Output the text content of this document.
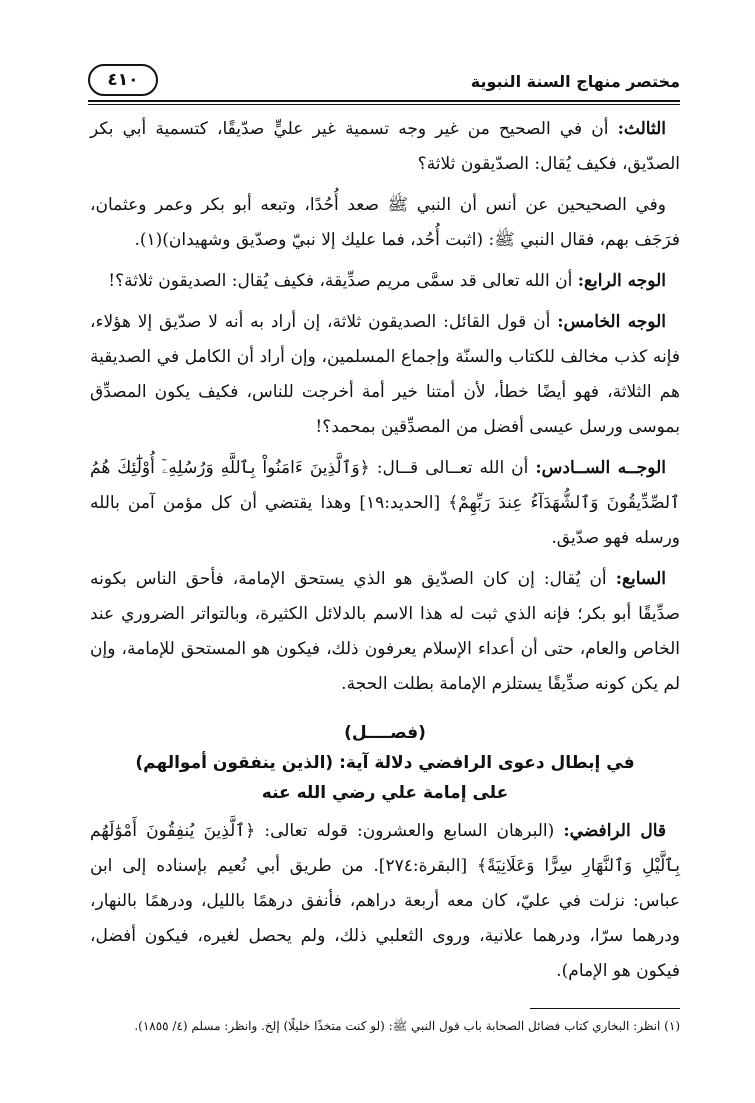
مختصر منهاج السنة النبوية
٤١٠

الثالث: أن في الصحيح من غير وجه تسمية غير عليٍّ صدّيقًا، كتسمية أبي بكر الصدّيق، فكيف يُقال: الصدّيقون ثلاثة؟

وفي الصحيحين عن أنس أن النبي ﷺ صعد أُحُدًا، وتبعه أبو بكر وعمر وعثمان، فرَجَف بهم، فقال النبي ﷺ: (اثبت أُحُد، فما عليك إلا نبيّ وصدّيق وشهيدان)(١).

الوجه الرابع: أن الله تعالى قد سمَّى مريم صدِّيقة، فكيف يُقال: الصديقون ثلاثة؟!

الوجه الخامس: أن قول القائل: الصديقون ثلاثة، إن أراد به أنه لا صدّيق إلا هؤلاء، فإنه كذب مخالف للكتاب والسنّة وإجماع المسلمين، وإن أراد أن الكامل في الصديقية هم الثلاثة، فهو أيضًا خطأ، لأن أمتنا خير أمة أخرجت للناس، فكيف يكون المصدِّق بموسى ورسل عيسى أفضل من المصدِّقين بمحمد؟!

الوجــه الســادس: أن الله تعــالى قــال: ﴿وَٱلَّذِينَ ءَامَنُواْ بِٱللَّهِ وَرُسُلِهِۦٓ أُوْلَٰٓئِكَ هُمُ ٱلصِّدِّيقُونَ وَٱلشُّهَدَآءُ عِندَ رَبِّهِمْ﴾ [الحديد:١٩] وهذا يقتضي أن كل مؤمن آمن بالله ورسله فهو صدّيق.

السابع: أن يُقال: إن كان الصدّيق هو الذي يستحق الإمامة، فأحق الناس بكونه صدِّيقًا أبو بكر؛ فإنه الذي ثبت له هذا الاسم بالدلائل الكثيرة، وبالتواتر الضروري عند الخاص والعام، حتى أن أعداء الإسلام يعرفون ذلك، فيكون هو المستحق للإمامة، وإن لم يكن كونه صدِّيقًا يستلزم الإمامة بطلت الحجة.

(فصــــل)
في إبطال دعوى الرافضي دلالة آية: (الذين ينفقون أموالهم)
على إمامة علي رضي الله عنه

قال الرافضي: (البرهان السابع والعشرون: قوله تعالى: ﴿ٱلَّذِينَ يُنفِقُونَ أَمْوَٰلَهُم بِٱلَّيْلِ وَٱلنَّهَارِ سِرًّا وَعَلَانِيَةً﴾ [البقرة:٢٧٤]. من طريق أبي نُعيم بإسناده إلى ابن عباس: نزلت في عليّ، كان معه أربعة دراهم، فأنفق درهمًا بالليل، ودرهمًا بالنهار، ودرهما سرّا، ودرهما علانية، وروى الثعلبي ذلك، ولم يحصل لغيره، فيكون أفضل، فيكون هو الإمام).

(١) انظر: البخاري كتاب فضائل الصحابة باب قول النبي ﷺ: (لو كنت متخذًا خليلًا) إلخ. وانظر: مسلم (٤/ ١٨٥٥).
